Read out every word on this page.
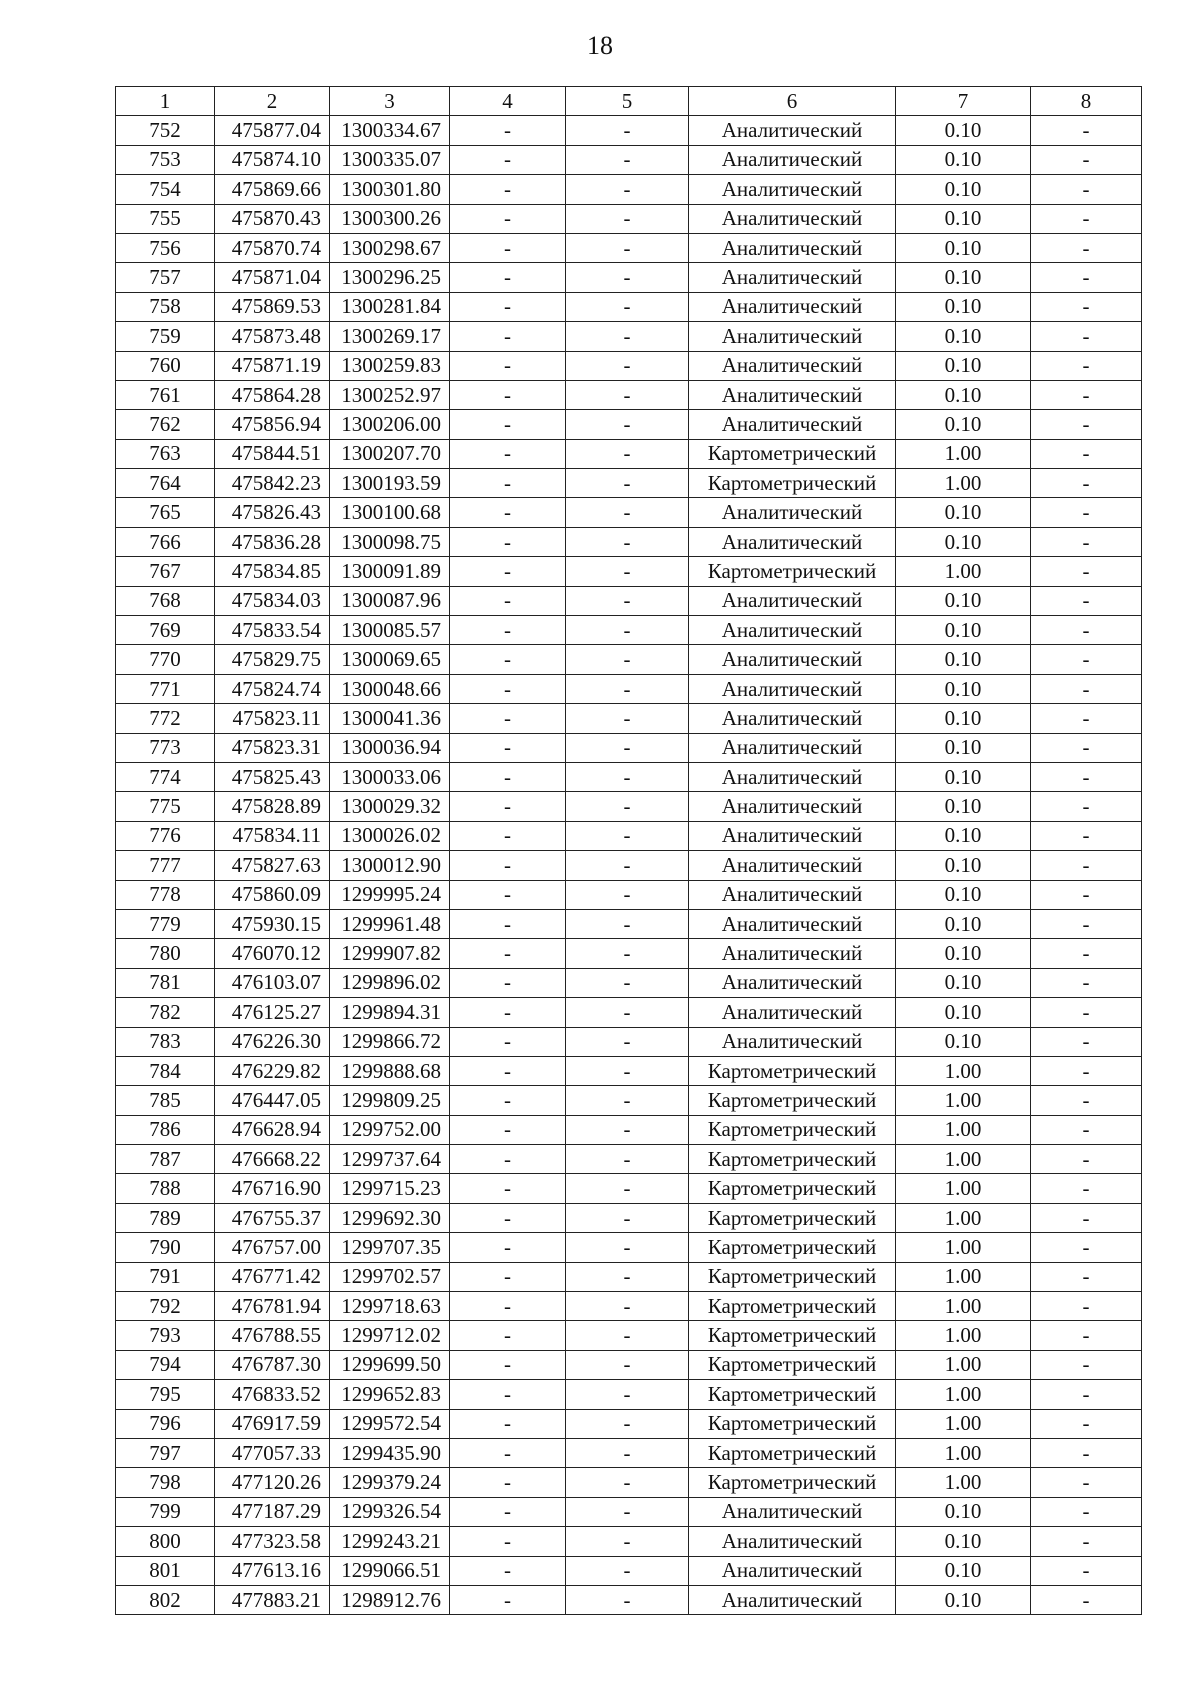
18
1	2	3	4	5	6	7	8
752	475877.04	1300334.67	-	-	Аналитический	0.10	-
753	475874.10	1300335.07	-	-	Аналитический	0.10	-
754	475869.66	1300301.80	-	-	Аналитический	0.10	-
755	475870.43	1300300.26	-	-	Аналитический	0.10	-
756	475870.74	1300298.67	-	-	Аналитический	0.10	-
757	475871.04	1300296.25	-	-	Аналитический	0.10	-
758	475869.53	1300281.84	-	-	Аналитический	0.10	-
759	475873.48	1300269.17	-	-	Аналитический	0.10	-
760	475871.19	1300259.83	-	-	Аналитический	0.10	-
761	475864.28	1300252.97	-	-	Аналитический	0.10	-
762	475856.94	1300206.00	-	-	Аналитический	0.10	-
763	475844.51	1300207.70	-	-	Картометрический	1.00	-
764	475842.23	1300193.59	-	-	Картометрический	1.00	-
765	475826.43	1300100.68	-	-	Аналитический	0.10	-
766	475836.28	1300098.75	-	-	Аналитический	0.10	-
767	475834.85	1300091.89	-	-	Картометрический	1.00	-
768	475834.03	1300087.96	-	-	Аналитический	0.10	-
769	475833.54	1300085.57	-	-	Аналитический	0.10	-
770	475829.75	1300069.65	-	-	Аналитический	0.10	-
771	475824.74	1300048.66	-	-	Аналитический	0.10	-
772	475823.11	1300041.36	-	-	Аналитический	0.10	-
773	475823.31	1300036.94	-	-	Аналитический	0.10	-
774	475825.43	1300033.06	-	-	Аналитический	0.10	-
775	475828.89	1300029.32	-	-	Аналитический	0.10	-
776	475834.11	1300026.02	-	-	Аналитический	0.10	-
777	475827.63	1300012.90	-	-	Аналитический	0.10	-
778	475860.09	1299995.24	-	-	Аналитический	0.10	-
779	475930.15	1299961.48	-	-	Аналитический	0.10	-
780	476070.12	1299907.82	-	-	Аналитический	0.10	-
781	476103.07	1299896.02	-	-	Аналитический	0.10	-
782	476125.27	1299894.31	-	-	Аналитический	0.10	-
783	476226.30	1299866.72	-	-	Аналитический	0.10	-
784	476229.82	1299888.68	-	-	Картометрический	1.00	-
785	476447.05	1299809.25	-	-	Картометрический	1.00	-
786	476628.94	1299752.00	-	-	Картометрический	1.00	-
787	476668.22	1299737.64	-	-	Картометрический	1.00	-
788	476716.90	1299715.23	-	-	Картометрический	1.00	-
789	476755.37	1299692.30	-	-	Картометрический	1.00	-
790	476757.00	1299707.35	-	-	Картометрический	1.00	-
791	476771.42	1299702.57	-	-	Картометрический	1.00	-
792	476781.94	1299718.63	-	-	Картометрический	1.00	-
793	476788.55	1299712.02	-	-	Картометрический	1.00	-
794	476787.30	1299699.50	-	-	Картометрический	1.00	-
795	476833.52	1299652.83	-	-	Картометрический	1.00	-
796	476917.59	1299572.54	-	-	Картометрический	1.00	-
797	477057.33	1299435.90	-	-	Картометрический	1.00	-
798	477120.26	1299379.24	-	-	Картометрический	1.00	-
799	477187.29	1299326.54	-	-	Аналитический	0.10	-
800	477323.58	1299243.21	-	-	Аналитический	0.10	-
801	477613.16	1299066.51	-	-	Аналитический	0.10	-
802	477883.21	1298912.76	-	-	Аналитический	0.10	-
